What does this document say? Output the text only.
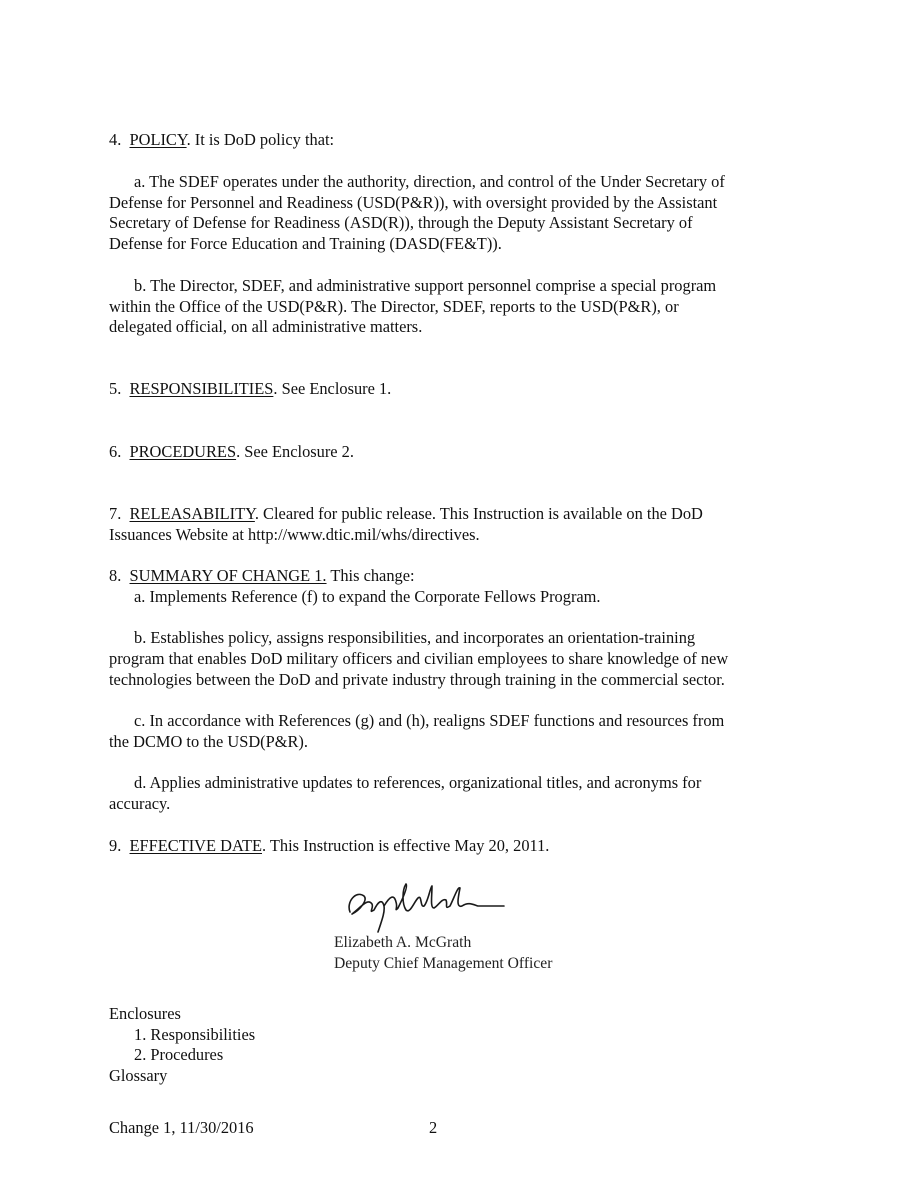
4. POLICY. It is DoD policy that:
a. The SDEF operates under the authority, direction, and control of the Under Secretary of
Defense for Personnel and Readiness (USD(P&R)), with oversight provided by the Assistant
Secretary of Defense for Readiness (ASD(R)), through the Deputy Assistant Secretary of
Defense for Force Education and Training (DASD(FE&T)).
b. The Director, SDEF, and administrative support personnel comprise a special program
within the Office of the USD(P&R). The Director, SDEF, reports to the USD(P&R), or
delegated official, on all administrative matters.
5. RESPONSIBILITIES. See Enclosure 1.
6. PROCEDURES. See Enclosure 2.
7. RELEASABILITY. Cleared for public release. This Instruction is available on the DoD
Issuances Website at http://www.dtic.mil/whs/directives.
8. SUMMARY OF CHANGE 1. This change:
a. Implements Reference (f) to expand the Corporate Fellows Program.
b. Establishes policy, assigns responsibilities, and incorporates an orientation-training
program that enables DoD military officers and civilian employees to share knowledge of new
technologies between the DoD and private industry through training in the commercial sector.
c. In accordance with References (g) and (h), realigns SDEF functions and resources from
the DCMO to the USD(P&R).
d. Applies administrative updates to references, organizational titles, and acronyms for
accuracy.
9. EFFECTIVE DATE. This Instruction is effective May 20, 2011.
Elizabeth A. McGrath
Deputy Chief Management Officer
Enclosures
1. Responsibilities
2. Procedures
Glossary
Change 1, 11/30/2016	2
